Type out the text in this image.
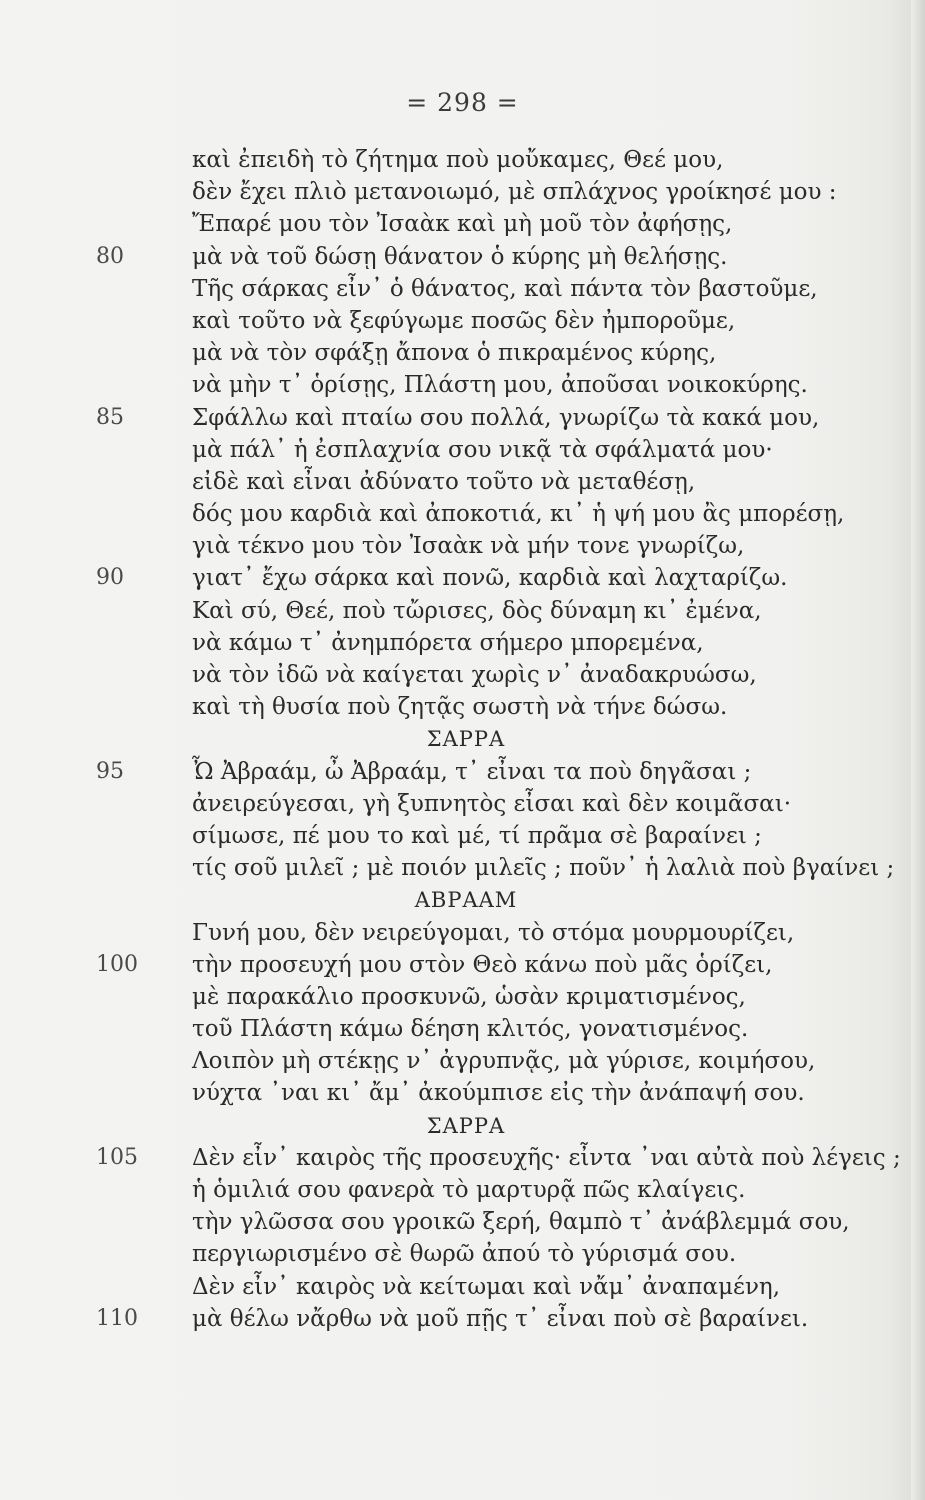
= 298 =
καὶ ἐπειδὴ τὸ ζήτημα ποὺ μοὔκαμες, Θεέ μου,
δὲν ἔχει πλιὸ μετανοιωμό, μὲ σπλάχνος γροίκησέ μου :
Ἔπαρέ μου τὸν Ἰσαὰκ καὶ μὴ μοῦ τὸν ἀφήσῃς,
80	μὰ νὰ τοῦ δώσῃ θάνατον ὁ κύρης μὴ θελήσῃς.
Τῆς σάρκας εἶν᾽ ὁ θάνατος, καὶ πάντα τὸν βαστοῦμε,
καὶ τοῦτο νὰ ξεφύγωμε ποσῶς δὲν ἠμποροῦμε,
μὰ νὰ τὸν σφάξῃ ἄπονα ὁ πικραμένος κύρης,
νὰ μὴν τ᾽ ὁρίσῃς, Πλάστη μου, ἀποῦσαι νοικοκύρης.
85	Σφάλλω καὶ πταίω σου πολλά, γνωρίζω τὰ κακά μου,
μὰ πάλ᾽ ἡ ἐσπλαχνία σου νικᾷ τὰ σφάλματά μου·
εἰδὲ καὶ εἶναι ἀδύνατο τοῦτο νὰ μεταθέσῃ,
δός μου καρδιὰ καὶ ἀποκοτιά, κι᾽ ἡ ψή μου ἂς μπορέσῃ,
γιὰ τέκνο μου τὸν Ἰσαὰκ νὰ μήν τονε γνωρίζω,
90	γιατ᾽ ἔχω σάρκα καὶ πονῶ, καρδιὰ καὶ λαχταρίζω.
Καὶ σύ, Θεέ, ποὺ τὤρισες, δὸς δύναμη κι᾽ ἐμένα,
νὰ κάμω τ᾽ ἀνημπόρετα σήμερο μπορεμένα,
νὰ τὸν ἰδῶ νὰ καίγεται χωρὶς ν᾽ ἀναδακρυώσω,
καὶ τὴ θυσία ποὺ ζητᾷς σωστὴ νὰ τήνε δώσω.
ΣΑΡΡΑ
95	Ὦ Ἀβραάμ, ὦ Ἀβραάμ, τ᾽ εἶναι τα ποὺ δηγᾶσαι ;
ἀνειρεύγεσαι, γὴ ξυπνητὸς εἶσαι καὶ δὲν κοιμᾶσαι·
σίμωσε, πέ μου το καὶ μέ, τί πρᾶμα σὲ βαραίνει ;
τίς σοῦ μιλεῖ ; μὲ ποιόν μιλεῖς ; ποῦν᾽ ἡ λαλιὰ ποὺ βγαίνει ;
ΑΒΡΑΑΜ
Γυνή μου, δὲν νειρεύγομαι, τὸ στόμα μουρμουρίζει,
100	τὴν προσευχή μου στὸν Θεὸ κάνω ποὺ μᾶς ὁρίζει,
μὲ παρακάλιο προσκυνῶ, ὡσὰν κριματισμένος,
τοῦ Πλάστη κάμω δέηση κλιτός, γονατισμένος.
Λοιπὸν μὴ στέκῃς ν᾽ ἀγρυπνᾷς, μὰ γύρισε, κοιμήσου,
νύχτα ᾽ναι κι᾽ ἄμ᾽ ἀκούμπισε εἰς τὴν ἀνάπαψή σου.
ΣΑΡΡΑ
105	Δὲν εἶν᾽ καιρὸς τῆς προσευχῆς· εἶντα ᾽ναι αὐτὰ ποὺ λέγεις ;
ἡ ὁμιλιά σου φανερὰ τὸ μαρτυρᾷ πῶς κλαίγεις.
τὴν γλῶσσα σου γροικῶ ξερή, θαμπὸ τ᾽ ἀνάβλεμμά σου,
περγιωρισμένο σὲ θωρῶ ἀπού τὸ γύρισμά σου.
Δὲν εἶν᾽ καιρὸς νὰ κείτωμαι καὶ νἄμ᾽ ἀναπαμένη,
110	μὰ θέλω νἄρθω νὰ μοῦ πῇς τ᾽ εἶναι ποὺ σὲ βαραίνει.
